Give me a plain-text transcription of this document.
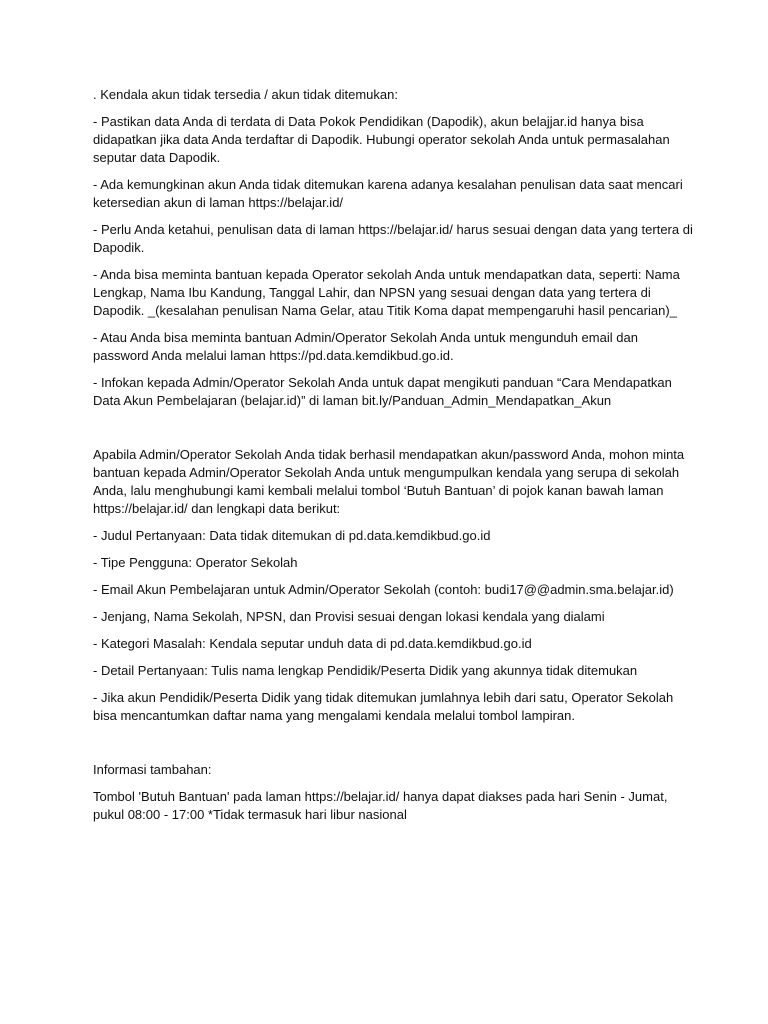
. Kendala akun tidak tersedia / akun tidak ditemukan:

- Pastikan data Anda di terdata di Data Pokok Pendidikan (Dapodik), akun belajjar.id hanya bisa didapatkan jika data Anda terdaftar di Dapodik. Hubungi operator sekolah Anda untuk permasalahan seputar data Dapodik.

- Ada kemungkinan akun Anda tidak ditemukan karena adanya kesalahan penulisan data saat mencari ketersedian akun di laman https://belajar.id/

- Perlu Anda ketahui, penulisan data di laman https://belajar.id/ harus sesuai dengan data yang tertera di Dapodik.

- Anda bisa meminta bantuan kepada Operator sekolah Anda untuk mendapatkan data, seperti: Nama Lengkap, Nama Ibu Kandung, Tanggal Lahir, dan NPSN yang sesuai dengan data yang tertera di Dapodik. _(kesalahan penulisan Nama Gelar, atau Titik Koma dapat mempengaruhi hasil pencarian)_

- Atau Anda bisa meminta bantuan Admin/Operator Sekolah Anda untuk mengunduh email dan password Anda melalui laman https://pd.data.kemdikbud.go.id.

- Infokan kepada Admin/Operator Sekolah Anda untuk dapat mengikuti panduan “Cara Mendapatkan Data Akun Pembelajaran (belajar.id)” di laman bit.ly/Panduan_Admin_Mendapatkan_Akun

Apabila Admin/Operator Sekolah Anda tidak berhasil mendapatkan akun/password Anda, mohon minta bantuan kepada Admin/Operator Sekolah Anda untuk mengumpulkan kendala yang serupa di sekolah Anda, lalu menghubungi kami kembali melalui tombol ‘Butuh Bantuan’ di pojok kanan bawah laman https://belajar.id/ dan lengkapi data berikut:

- Judul Pertanyaan: Data tidak ditemukan di pd.data.kemdikbud.go.id

- Tipe Pengguna: Operator Sekolah

- Email Akun Pembelajaran untuk Admin/Operator Sekolah (contoh: budi17@@admin.sma.belajar.id)

- Jenjang, Nama Sekolah, NPSN, dan Provisi sesuai dengan lokasi kendala yang dialami

- Kategori Masalah: Kendala seputar unduh data di pd.data.kemdikbud.go.id

- Detail Pertanyaan: Tulis nama lengkap Pendidik/Peserta Didik yang akunnya tidak ditemukan

- Jika akun Pendidik/Peserta Didik yang tidak ditemukan jumlahnya lebih dari satu, Operator Sekolah bisa mencantumkan daftar nama yang mengalami kendala melalui tombol lampiran.

Informasi tambahan:

Tombol 'Butuh Bantuan' pada laman https://belajar.id/ hanya dapat diakses pada hari Senin - Jumat, pukul 08:00 - 17:00 *Tidak termasuk hari libur nasional
